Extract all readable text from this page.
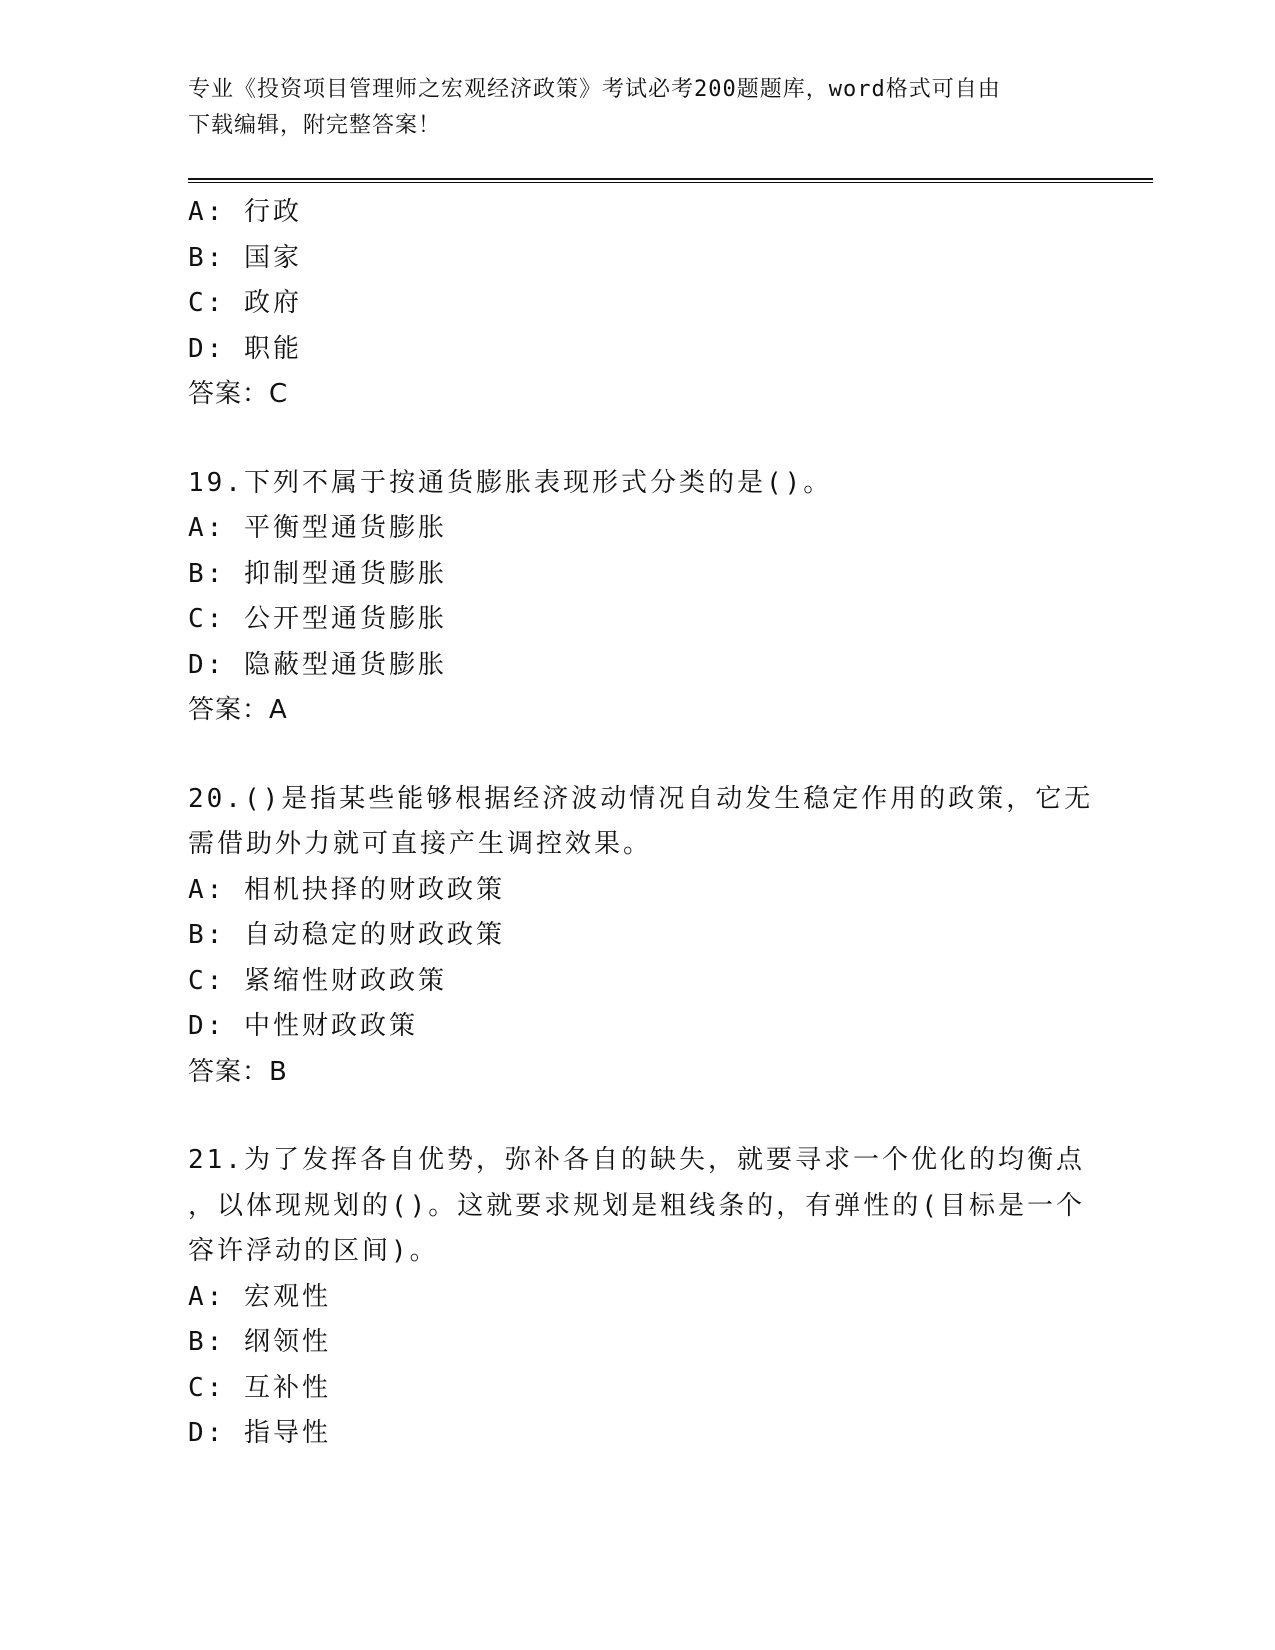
专业《投资项目管理师之宏观经济政策》考试必考200题题库，word格式可自由
下载编辑，附完整答案！
A: 行政
B: 国家
C: 政府
D: 职能
答案：C
19.下列不属于按通货膨胀表现形式分类的是()。
A: 平衡型通货膨胀
B: 抑制型通货膨胀
C: 公开型通货膨胀
D: 隐蔽型通货膨胀
答案：A
20.()是指某些能够根据经济波动情况自动发生稳定作用的政策，它无
需借助外力就可直接产生调控效果。
A: 相机抉择的财政政策
B: 自动稳定的财政政策
C: 紧缩性财政政策
D: 中性财政政策
答案：B
21.为了发挥各自优势，弥补各自的缺失，就要寻求一个优化的均衡点
，以体现规划的()。这就要求规划是粗线条的，有弹性的(目标是一个
容许浮动的区间)。
A: 宏观性
B: 纲领性
C: 互补性
D: 指导性
